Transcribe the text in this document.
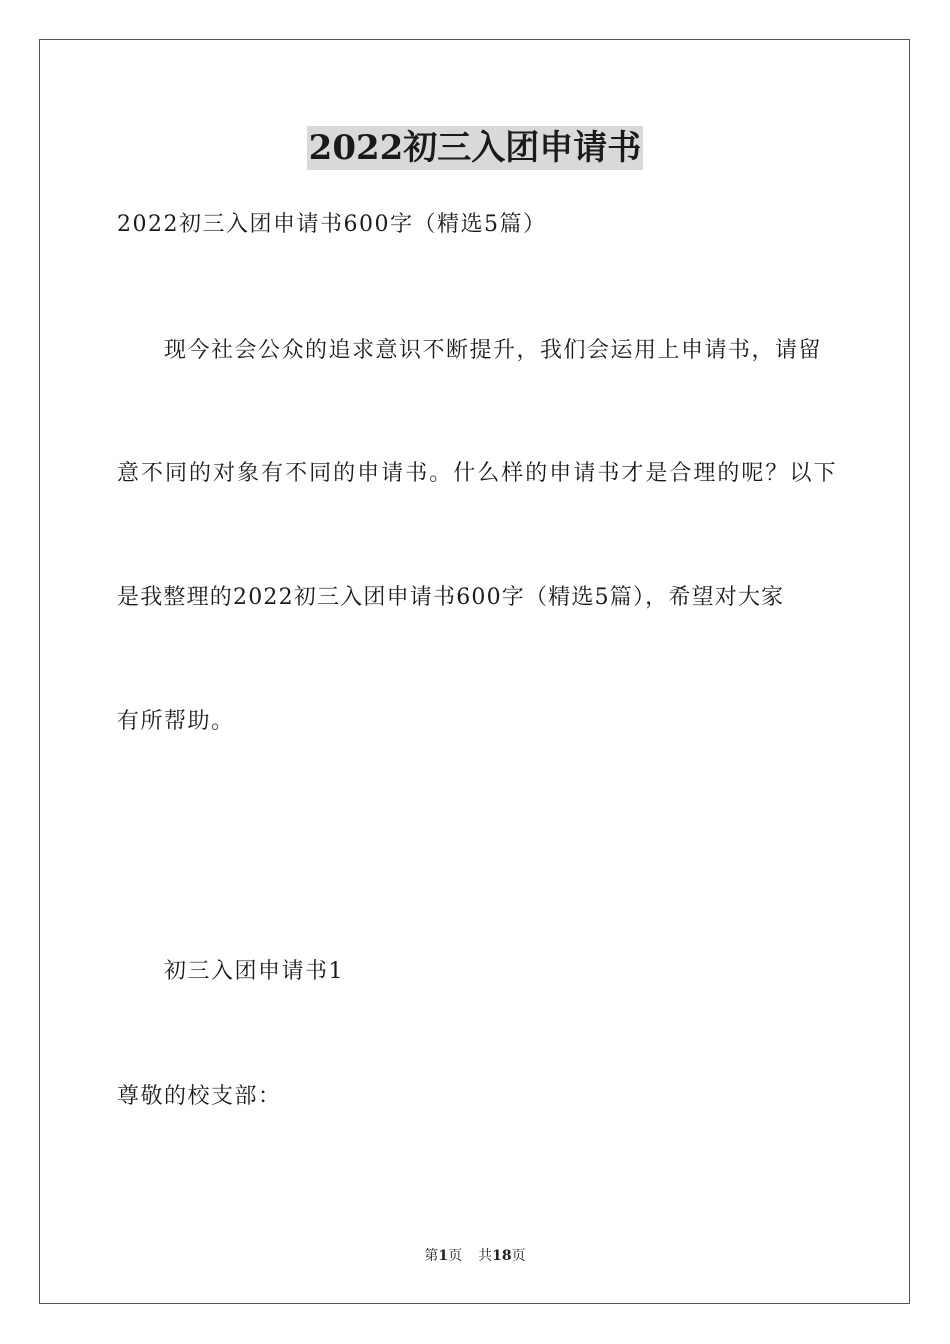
2022初三入团申请书
2022初三入团申请书600字（精选5篇）
现今社会公众的追求意识不断提升，我们会运用上申请书，请留
意不同的对象有不同的申请书。什么样的申请书才是合理的呢？以下
是我整理的2022初三入团申请书600字（精选5篇），希望对大家
有所帮助。
初三入团申请书1
尊敬的校支部：
第1页 共18页
